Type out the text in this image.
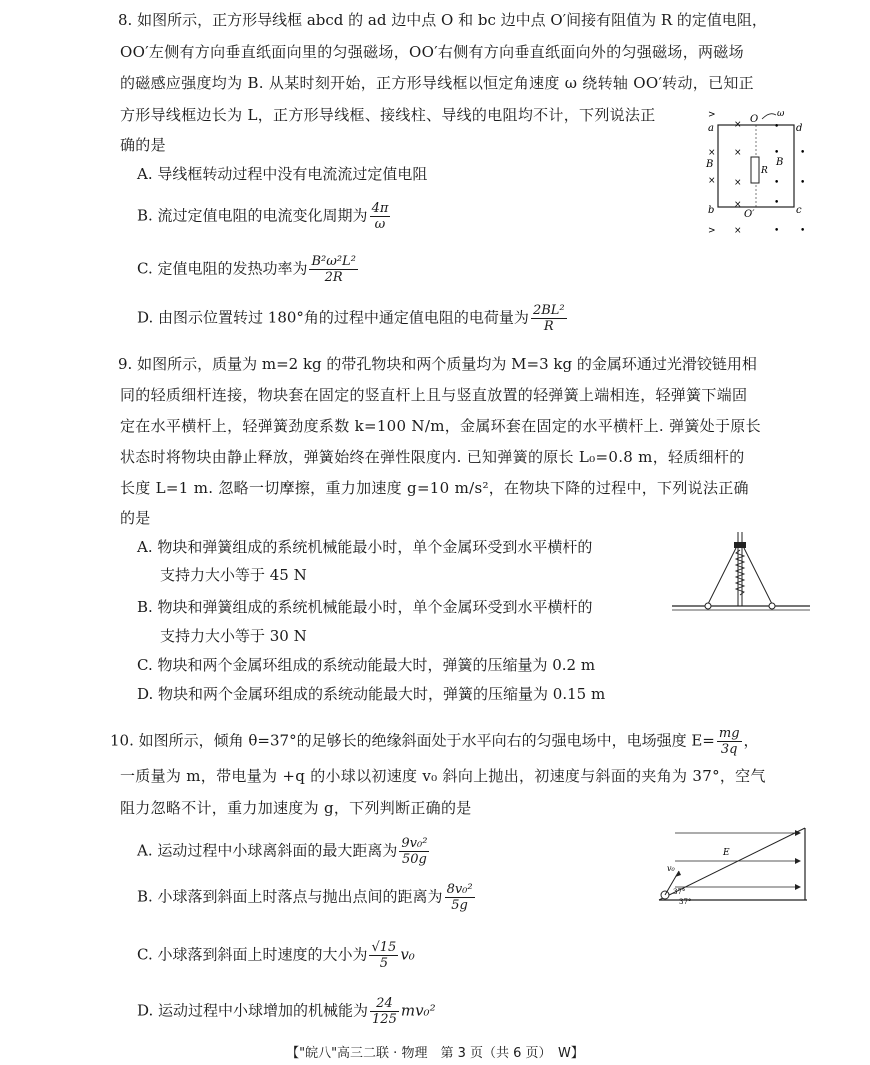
8. 如图所示，正方形导线框 abcd 的 ad 边中点 O 和 bc 边中点 O′间接有阻值为 R 的定值电阻，
OO′左侧有方向垂直纸面向里的匀强磁场，OO′右侧有方向垂直纸面向外的匀强磁场，两磁场
的磁感应强度均为 B. 从某时刻开始，正方形导线框以恒定角速度 ω 绕转轴 OO′转动，已知正
方形导线框边长为 L，正方形导线框、接线柱、导线的电阻均不计，下列说法正
确的是
A. 导线框转动过程中没有电流流过定值电阻
B. 流过定值电阻的电流变化周期为 $\frac{4\pi}{\omega}$
C. 定值电阻的发热功率为 $\frac{\text{B²ω²L²}}{2R}$
D. 由图示位置转过 180°角的过程中通定值电阻的电荷量为 $\frac{\text{2BL²}}{R}$
ω
a
b	c
d
O
O′
B	B
R
>
×
×
× ×
×
×
> ×
•
•
•
•
•
•
• •
9. 如图所示，质量为 m=2 kg 的带孔物块和两个质量均为 M=3 kg 的金属环通过光滑铰链用相
同的轻质细杆连接，物块套在固定的竖直杆上且与竖直放置的轻弹簧上端相连，轻弹簧下端固
定在水平横杆上，轻弹簧劲度系数 k=100 N/m，金属环套在固定的水平横杆上. 弹簧处于原长
状态时将物块由静止释放，弹簧始终在弹性限度内. 已知弹簧的原长 L₀=0.8 m，轻质细杆的
长度 L=1 m. 忽略一切摩擦，重力加速度 g=10 m/s²，在物块下降的过程中，下列说法正确
的是
A. 物块和弹簧组成的系统机械能最小时，单个金属环受到水平横杆的
支持力大小等于 45 N
B. 物块和弹簧组成的系统机械能最小时，单个金属环受到水平横杆的
支持力大小等于 30 N
C. 物块和两个金属环组成的系统动能最大时，弹簧的压缩量为 0.2 m
D. 物块和两个金属环组成的系统动能最大时，弹簧的压缩量为 0.15 m
10. 如图所示，倾角 θ=37°的足够长的绝缘斜面处于水平向右的匀强电场中，电场强度 $E= \frac{mg}{3q}$ ，
一质量为 m，带电量为 +q 的小球以初速度 v₀ 斜向上抛出，初速度与斜面的夹角为 37°，空气
阻力忽略不计，重力加速度为 g，下列判断正确的是
A. 运动过程中小球离斜面的最大距离为 $\frac{\text{9v₀²}}{50g}$
B. 小球落到斜面上时落点与抛出点间的距离为 $\frac{\text{8v₀²}}{5g}$
C. 小球落到斜面上时速度的大小为 $\frac{√15}{5} v_0$
D. 运动过程中小球增加的机械能为 $\frac{24}{125} mv_0^2$
v₀
E
37°
37°
【"皖八"高三二联 · 物理　第 3 页（共 6 页）　W】
